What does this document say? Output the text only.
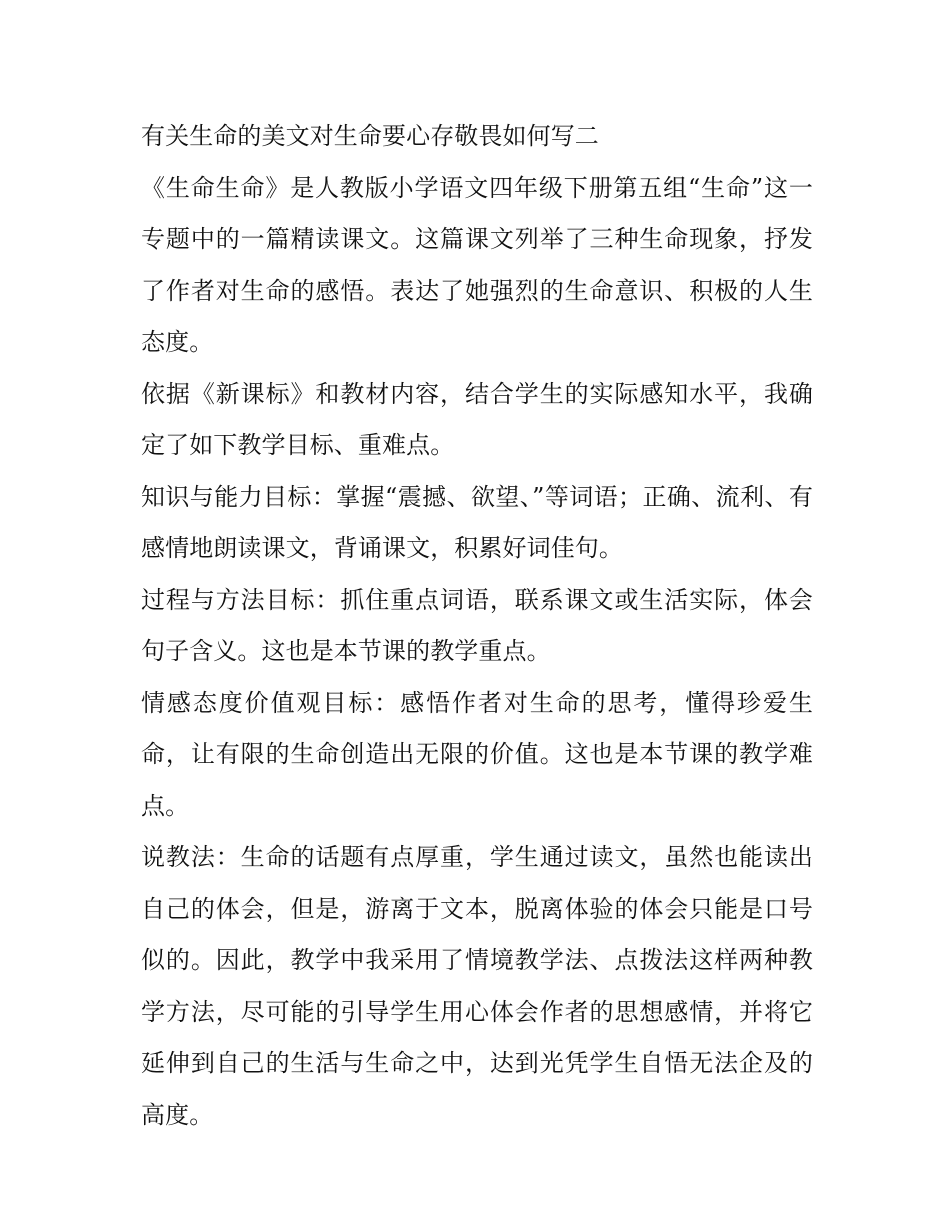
有关生命的美文对生命要心存敬畏如何写二

《生命生命》是人教版小学语文四年级下册第五组“生命”这一专题中的一篇精读课文。这篇课文列举了三种生命现象，抒发了作者对生命的感悟。表达了她强烈的生命意识、积极的人生态度。

依据《新课标》和教材内容，结合学生的实际感知水平，我确定了如下教学目标、重难点。

知识与能力目标：掌握“震撼、欲望、”等词语；正确、流利、有感情地朗读课文，背诵课文，积累好词佳句。

过程与方法目标：抓住重点词语，联系课文或生活实际，体会句子含义。这也是本节课的教学重点。

情感态度价值观目标：感悟作者对生命的思考，懂得珍爱生命，让有限的生命创造出无限的价值。这也是本节课的教学难点。

说教法：生命的话题有点厚重，学生通过读文，虽然也能读出自己的体会，但是，游离于文本，脱离体验的体会只能是口号似的。因此，教学中我采用了情境教学法、点拨法这样两种教学方法，尽可能的引导学生用心体会作者的思想感情，并将它延伸到自己的生活与生命之中，达到光凭学生自悟无法企及的高度。
